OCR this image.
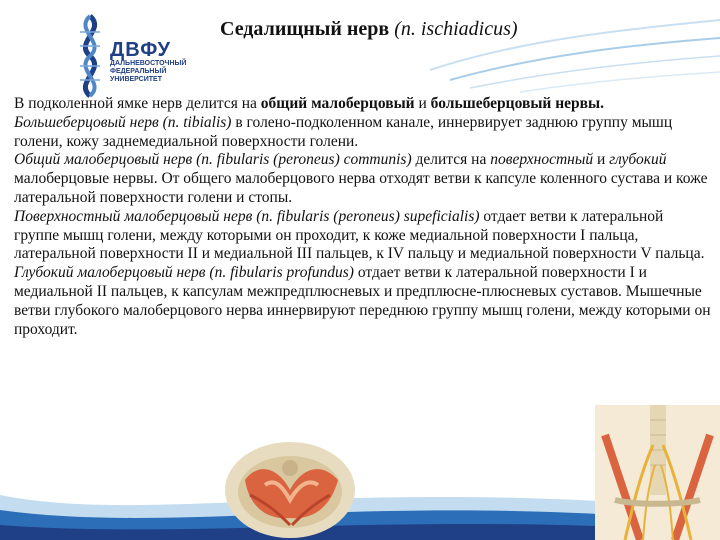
ДВФУ
ДАЛЬНЕВОСТОЧНЫЙ
ФЕДЕРАЛЬНЫЙ
УНИВЕРСИТЕТ
Седалищный нерв (n. ischiadicus)

В подколенной ямке нерв делится на общий малоберцовый и большеберцовый нервы.

Большеберцовый нерв (n. tibialis) в голено-подколенном канале, иннервирует заднюю группу мышц голени, кожу заднемедиальной поверхности голени.

Общий малоберцовый нерв (n. fibularis (peroneus) communis) делится на поверхностный и глубокий малоберцовые нервы. От общего малоберцового нерва отходят ветви к капсуле коленного сустава и коже латеральной поверхности голени и стопы.

Поверхностный малоберцовый нерв (n. fibularis (peroneus) supeficialis) отдает ветви к латеральной группе мышц голени, между которыми он проходит, к коже медиальной поверхности I пальца, латеральной поверхности II и медиальной III пальцев, к IV пальцу и медиальной поверхности V пальца.

Глубокий малоберцовый нерв (n. fibularis profundus) отдает ветви к латеральной поверхности I и медиальной II пальцев, к капсулам межпредплюсневых и предплюсне-плюсневых суставов. Мышечные ветви глубокого малоберцового нерва иннервируют переднюю группу мышц голени, между которыми он проходит.
